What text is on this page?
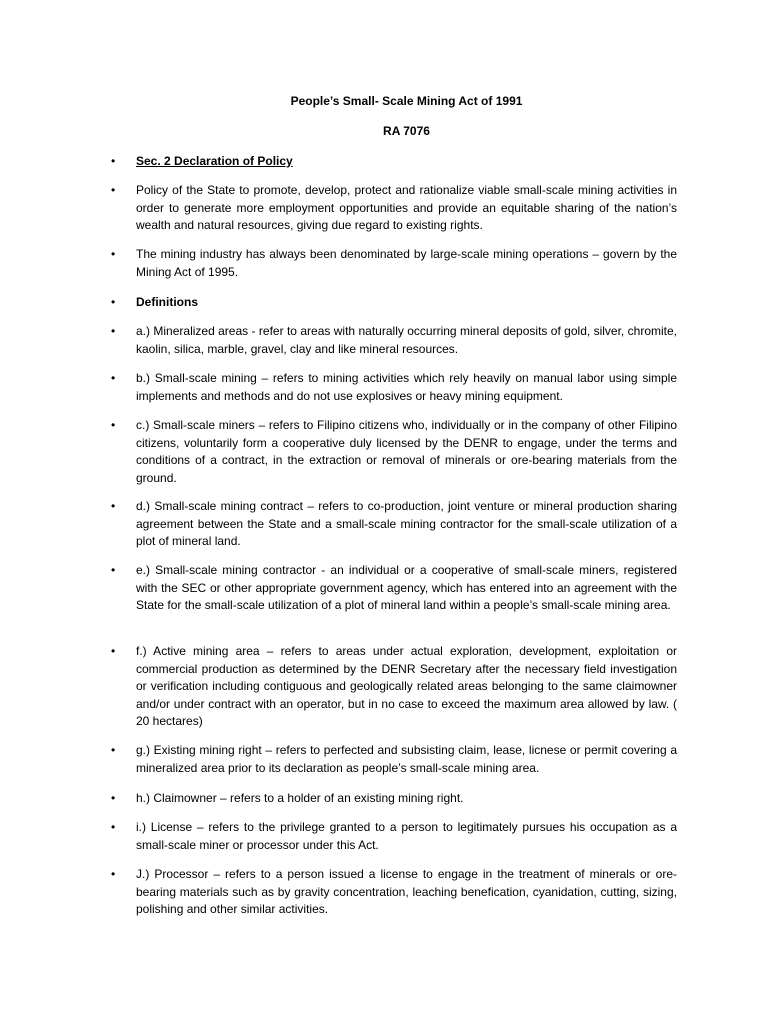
People’s Small- Scale Mining Act of 1991
RA 7076
• Sec. 2 Declaration of Policy
• Policy of the State to promote, develop, protect and rationalize viable small-scale mining activities in order to generate more employment opportunities and provide an equitable sharing of the nation’s wealth and natural resources, giving due regard to existing rights.
• The mining industry has always been denominated by large-scale mining operations – govern by the Mining Act of 1995.
• Definitions
• a.) Mineralized areas - refer to areas with naturally occurring mineral deposits of gold, silver, chromite, kaolin, silica, marble, gravel, clay and like mineral resources.
• b.) Small-scale mining – refers to mining activities which rely heavily on manual labor using simple implements and methods and do not use explosives or heavy mining equipment.
• c.) Small-scale miners – refers to Filipino citizens who, individually or in the company of other Filipino citizens, voluntarily form a cooperative duly licensed by the DENR to engage, under the terms and conditions of a contract, in the extraction or removal of minerals or ore-bearing materials from the ground.
• d.) Small-scale mining contract – refers to co-production, joint venture or mineral production sharing agreement between the State and a small-scale mining contractor for the small-scale utilization of a plot of mineral land.
• e.) Small-scale mining contractor - an individual or a cooperative of small-scale miners, registered with the SEC or other appropriate government agency, which has entered into an agreement with the State for the small-scale utilization of a plot of mineral land within a people’s small-scale mining area.
• f.) Active mining area – refers to areas under actual exploration, development, exploitation or commercial production as determined by the DENR Secretary after the necessary field investigation or verification including contiguous and geologically related areas belonging to the same claimowner and/or under contract with an operator, but in no case to exceed the maximum area allowed by law. ( 20 hectares)
• g.) Existing mining right – refers to perfected and subsisting claim, lease, licnese or permit covering a mineralized area prior to its declaration as people’s small-scale mining area.
• h.) Claimowner – refers to a holder of an existing mining right.
• i.) License – refers to the privilege granted to a person to legitimately pursues his occupation as a small-scale miner or processor under this Act.
• J.) Processor – refers to a person issued a license to engage in the treatment of minerals or ore-bearing materials such as by gravity concentration, leaching benefication, cyanidation, cutting, sizing, polishing and other similar activities.
